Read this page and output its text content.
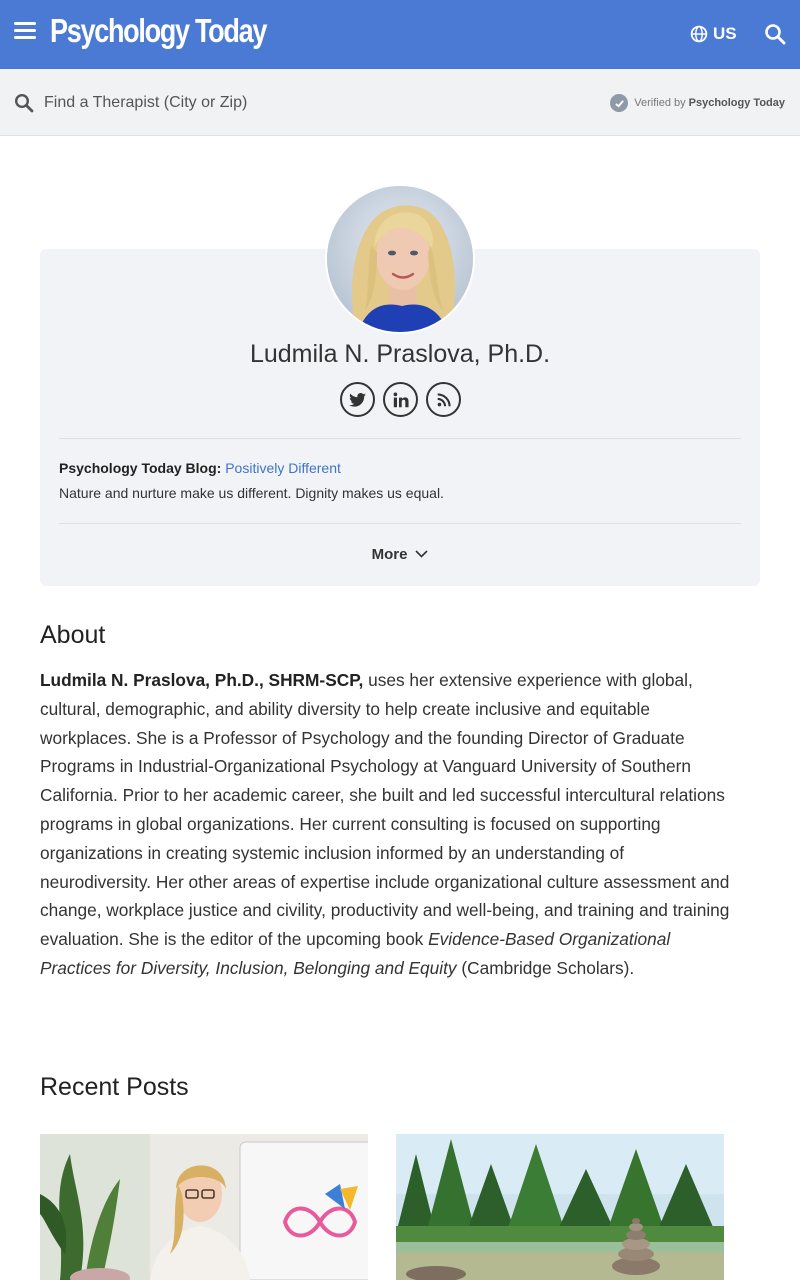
Psychology Today	US
Find a Therapist (City or Zip)
Verified by Psychology Today
Ludmila N. Praslova, Ph.D.

Psychology Today Blog: Positively Different

Nature and nurture make us different. Dignity makes us equal.

More
About

Ludmila N. Praslova, Ph.D., SHRM-SCP, uses her extensive experience with global, cultural, demographic, and ability diversity to help create inclusive and equitable workplaces. She is a Professor of Psychology and the founding Director of Graduate Programs in Industrial-Organizational Psychology at Vanguard University of Southern California. Prior to her academic career, she built and led successful intercultural relations programs in global organizations. Her current consulting is focused on supporting organizations in creating systemic inclusion informed by an understanding of neurodiversity. Her other areas of expertise include organizational culture assessment and change, workplace justice and civility, productivity and well-being, and training and training evaluation. She is the editor of the upcoming book Evidence-Based Organizational Practices for Diversity, Inclusion, Belonging and Equity (Cambridge Scholars).

Recent Posts
